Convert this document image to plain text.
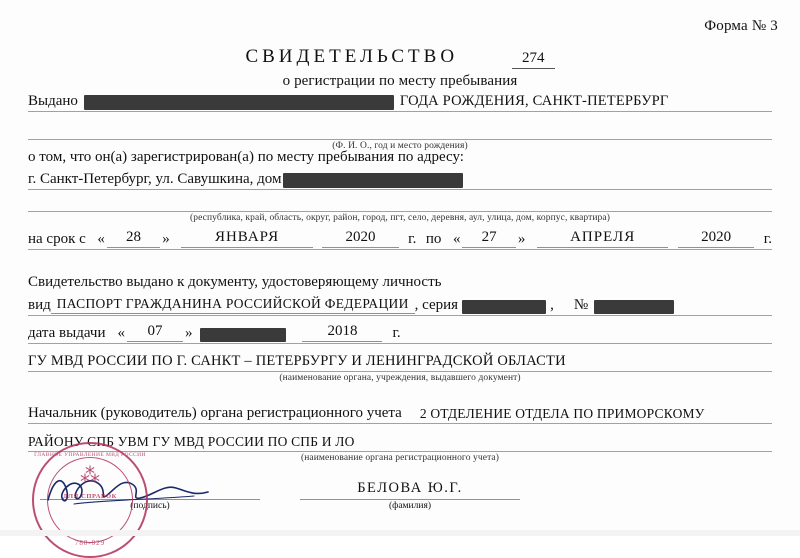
Форма № 3
СВИДЕТЕЛЬСТВО	274
о регистрации по месту пребывания
Выдано	ГОДА РОЖДЕНИЯ, САНКТ-ПЕТЕРБУРГ
(Ф. И. О., год и место рождения)
о том, что он(а) зарегистрирован(а) по месту пребывания по адресу:
г. Санкт-Петербург, ул. Савушкина, дом
(республика, край, область, округ, район, город, пгт, село, деревня, аул, улица, дом, корпус, квартира)
на срок с «	28	»	ЯНВАРЯ	2020	г. по «	27	»	АПРЕЛЯ	2020	г.
Свидетельство выдано к документу, удостоверяющему личность
вид ПАСПОРТ ГРАЖДАНИНА РОССИЙСКОЙ ФЕДЕРАЦИИ , серия	, №
дата выдачи «	07	»	2018	г.
ГУ МВД РОССИИ ПО Г. САНКТ – ПЕТЕРБУРГУ И ЛЕНИНГРАДСКОЙ ОБЛАСТИ
(наименование органа, учреждения, выдавшего документ)
Начальник (руководитель) органа регистрационного учета 2 ОТДЕЛЕНИЕ ОТДЕЛА ПО ПРИМОРСКОМУ
РАЙОНУ СПБ УВМ ГУ МВД РОССИИ ПО СПБ И ЛО
(наименование органа регистрационного учета)
(подпись)
БЕЛОВА Ю.Г.
(фамилия)
ГЛАВНОЕ УПРАВЛЕНИЕ МВД РОССИИ
⁂
ДЛЯ СПРАВОК
780-029
